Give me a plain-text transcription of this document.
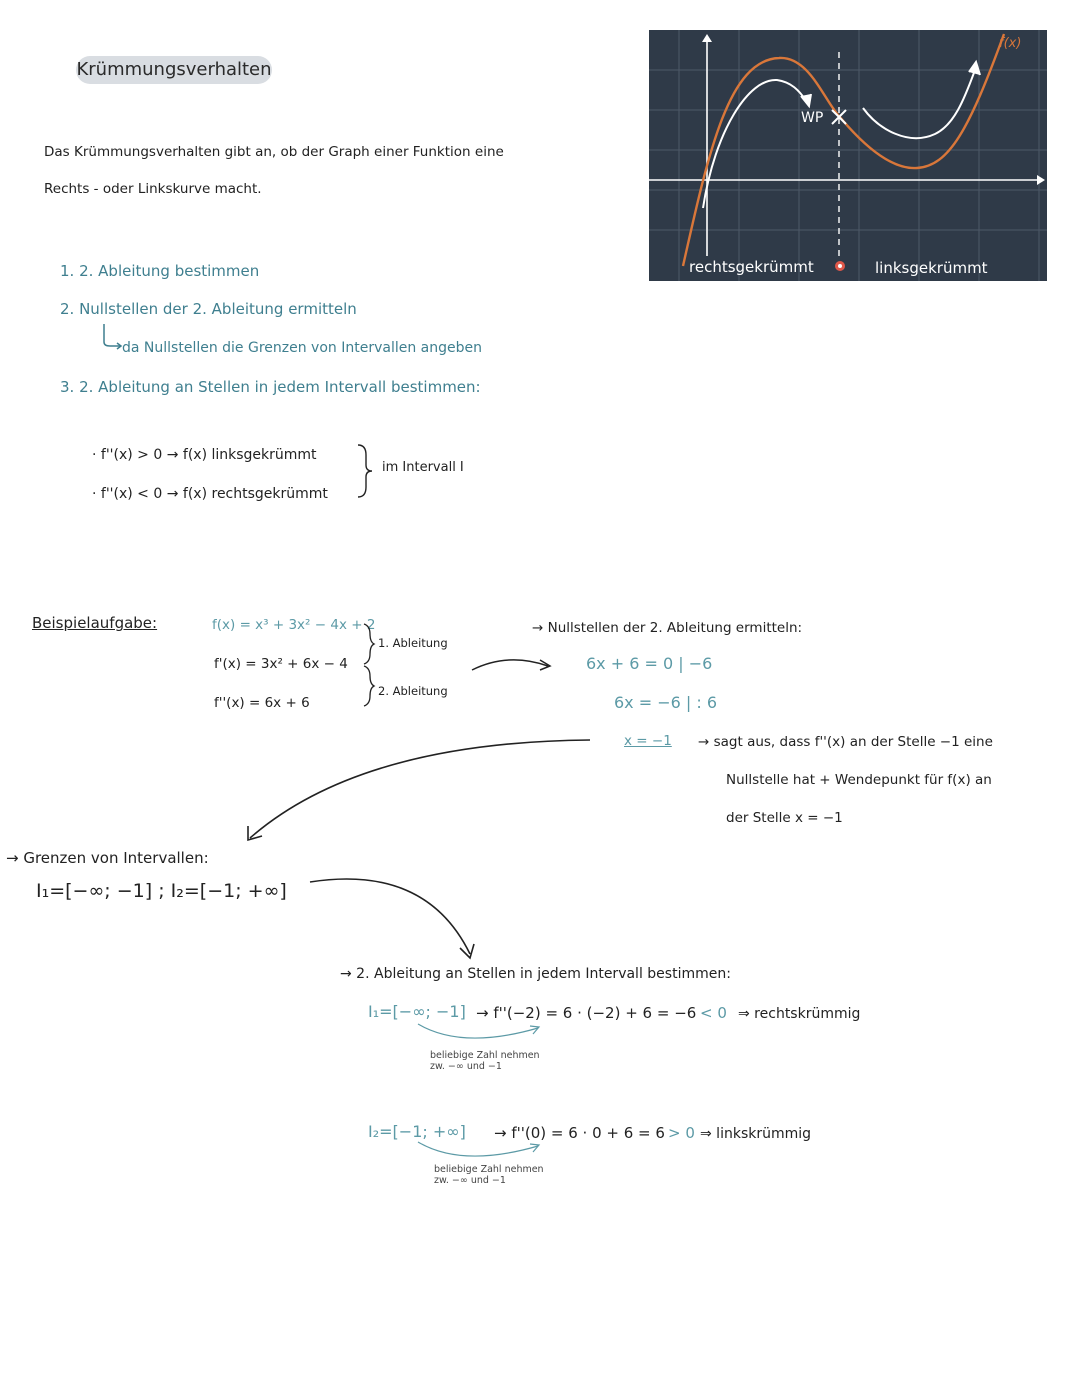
Krümmungsverhalten
Das Krümmungsverhalten gibt an, ob der Graph einer Funktion eine
Rechts - oder Linkskurve macht.
1. 2. Ableitung bestimmen
2. Nullstellen der 2. Ableitung ermitteln
da Nullstellen die Grenzen von Intervallen angeben
3. 2. Ableitung an Stellen in jedem Intervall bestimmen:
· f''(x) > 0 → f(x) linksgekrümmt
· f''(x) < 0 → f(x) rechtsgekrümmt
im Intervall I
WP
f(x)
rechtsgekrümmt	linksgekrümmt
Beispielaufgabe:	f(x) = x³ + 3x² − 4x + 2
f'(x) = 3x² + 6x − 4
f''(x) = 6x + 6
1. Ableitung
2. Ableitung
→ Nullstellen der 2. Ableitung ermitteln:
6x + 6 = 0 | −6
6x = −6 | : 6
x = −1 → sagt aus, dass f''(x) an der Stelle −1 eine
Nullstelle hat + Wendepunkt für f(x) an
der Stelle x = −1
→ Grenzen von Intervallen:
I₁=[−∞; −1] ; I₂=[−1; +∞]
→ 2. Ableitung an Stellen in jedem Intervall bestimmen:
I₁=[−∞; −1] → f''(−2) = 6 · (−2) + 6 = −6 < 0 ⇒ rechtskrümmig
beliebige Zahl nehmen
zw. −∞ und −1
I₂=[−1; +∞] → f''(0) = 6 · 0 + 6 = 6 > 0 ⇒ linkskrümmig
beliebige Zahl nehmen
zw. −∞ und −1
